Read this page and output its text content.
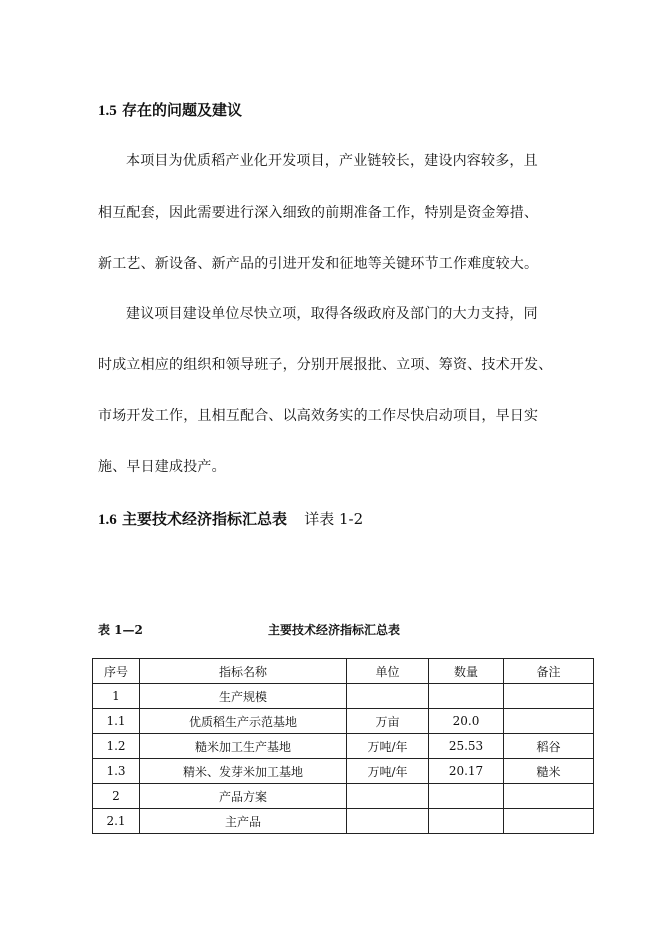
1.5 存在的问题及建议
本项目为优质稻产业化开发项目，产业链较长，建设内容较多，且
相互配套，因此需要进行深入细致的前期准备工作，特别是资金筹措、
新工艺、新设备、新产品的引进开发和征地等关键环节工作难度较大。
建议项目建设单位尽快立项，取得各级政府及部门的大力支持，同
时成立相应的组织和领导班子，分别开展报批、立项、筹资、技术开发、
市场开发工作，且相互配合、以高效务实的工作尽快启动项目，早日实
施、早日建成投产。
1.6 主要技术经济指标汇总表 详表 1-2
表 1—2	主要技术经济指标汇总表
序号	指标名称	单位	数量	备注
1	生产规模			
1.1	优质稻生产示范基地	万亩	20.0	
1.2	糙米加工生产基地	万吨/年	25.53	稻谷
1.3	精米、发芽米加工基地	万吨/年	20.17	糙米
2	产品方案			
2.1	主产品			
